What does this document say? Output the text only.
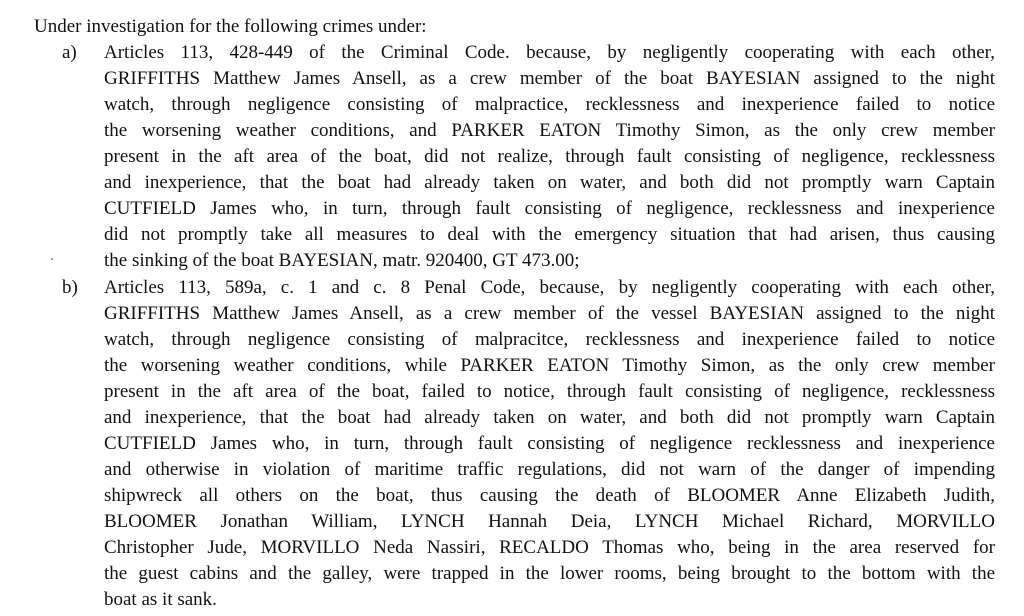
Under investigation for the following crimes under:
a) Articles 113, 428-449 of the Criminal Code. because, by negligently cooperating with each other,
GRIFFITHS Matthew James Ansell, as a crew member of the boat BAYESIAN assigned to the night
watch, through negligence consisting of malpractice, recklessness and inexperience failed to notice
the worsening weather conditions, and PARKER EATON Timothy Simon, as the only crew member
present in the aft area of the boat, did not realize, through fault consisting of negligence, recklessness
and inexperience, that the boat had already taken on water, and both did not promptly warn Captain
CUTFIELD James who, in turn, through fault consisting of negligence, recklessness and inexperience
did not promptly take all measures to deal with the emergency situation that had arisen, thus causing
the sinking of the boat BAYESIAN, matr. 920400, GT 473.00;
b) Articles 113, 589a, c. 1 and c. 8 Penal Code, because, by negligently cooperating with each other,
GRIFFITHS Matthew James Ansell, as a crew member of the vessel BAYESIAN assigned to the night
watch, through negligence consisting of malpracitce, recklessness and inexperience failed to notice
the worsening weather conditions, while PARKER EATON Timothy Simon, as the only crew member
present in the aft area of the boat, failed to notice, through fault consisting of negligence, recklessness
and inexperience, that the boat had already taken on water, and both did not promptly warn Captain
CUTFIELD James who, in turn, through fault consisting of negligence recklessness and inexperience
and otherwise in violation of maritime traffic regulations, did not warn of the danger of impending
shipwreck all others on the boat, thus causing the death of BLOOMER Anne Elizabeth Judith,
BLOOMER Jonathan William, LYNCH Hannah Deia, LYNCH Michael Richard, MORVILLO
Christopher Jude, MORVILLO Neda Nassiri, RECALDO Thomas who, being in the area reserved for
the guest cabins and the galley, were trapped in the lower rooms, being brought to the bottom with the
boat as it sank.
